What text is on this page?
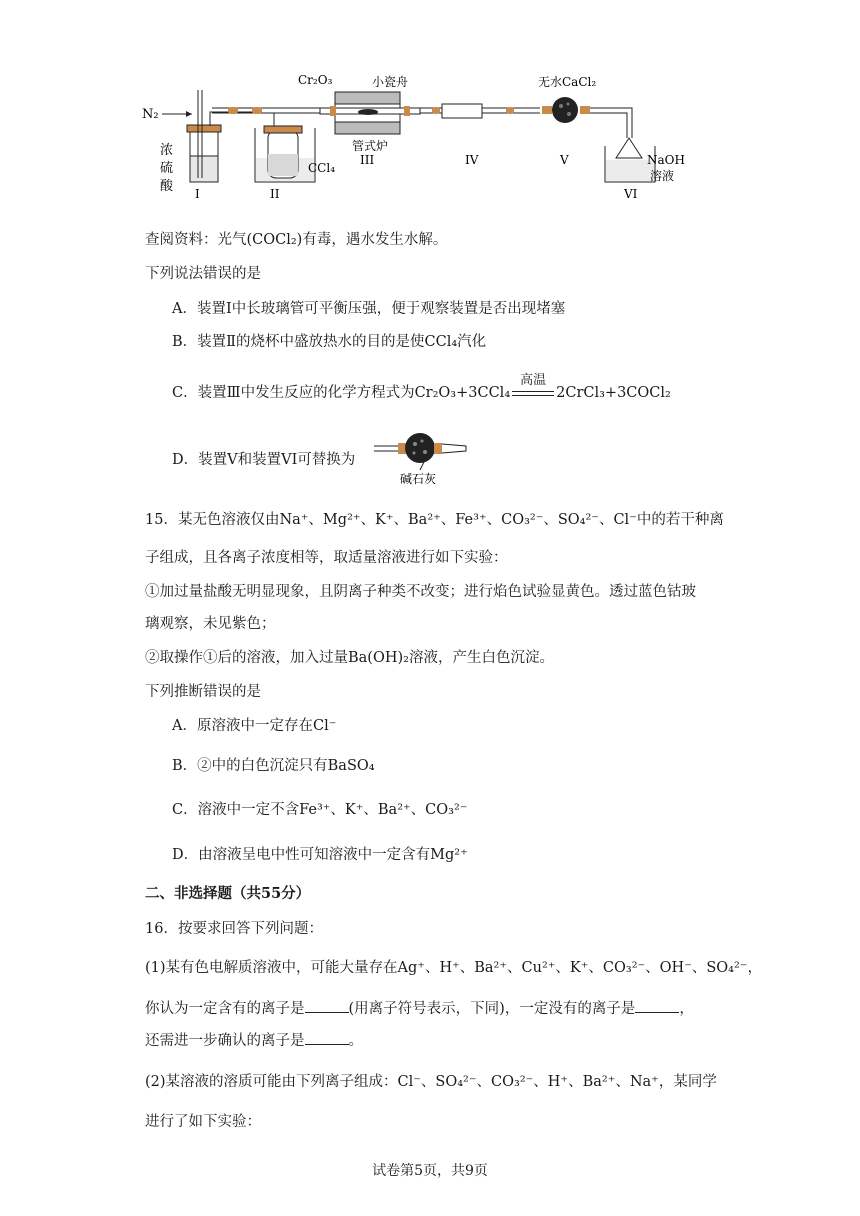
N₂
CCl₄
Cr₂O₃	小瓷舟
管式炉
无水CaCl₂
NaOH
溶液
浓
硫
酸 I	II
III	IV	V
VI
查阅资料：光气(COCl₂)有毒，遇水发生水解。
下列说法错误的是
A．装置I中长玻璃管可平衡压强，便于观察装置是否出现堵塞
B．装置Ⅱ的烧杯中盛放热水的目的是使CCl₄汽化
C．装置Ⅲ中发生反应的化学方程式为Cr₂O₃+3CCl₄
高温
2CrCl₃+3COCl₂
D．装置V和装置VI可替换为
碱石灰
15．某无色溶液仅由Na⁺、Mg²⁺、K⁺、Ba²⁺、Fe³⁺、CO₃²⁻、SO₄²⁻、Cl⁻中的若干种离
子组成，且各离子浓度相等，取适量溶液进行如下实验：
①加过量盐酸无明显现象，且阴离子种类不改变；进行焰色试验显黄色。透过蓝色钴玻
璃观察，未见紫色；
②取操作①后的溶液，加入过量Ba(OH)₂溶液，产生白色沉淀。
下列推断错误的是
A．原溶液中一定存在Cl⁻
B．②中的白色沉淀只有BaSO₄
C．溶液中一定不含Fe³⁺、K⁺、Ba²⁺、CO₃²⁻
D．由溶液呈电中性可知溶液中一定含有Mg²⁺
二、非选择题（共55分）
16．按要求回答下列问题：
(1)某有色电解质溶液中，可能大量存在Ag⁺、H⁺、Ba²⁺、Cu²⁺、K⁺、CO₃²⁻、OH⁻、SO₄²⁻，
你认为一定含有的离子是	(用离子符号表示，下同)，一定没有的离子是	，
还需进一步确认的离子是	。
(2)某溶液的溶质可能由下列离子组成：Cl⁻、SO₄²⁻、CO₃²⁻、H⁺、Ba²⁺、Na⁺，某同学
进行了如下实验：
试卷第5页，共9页
